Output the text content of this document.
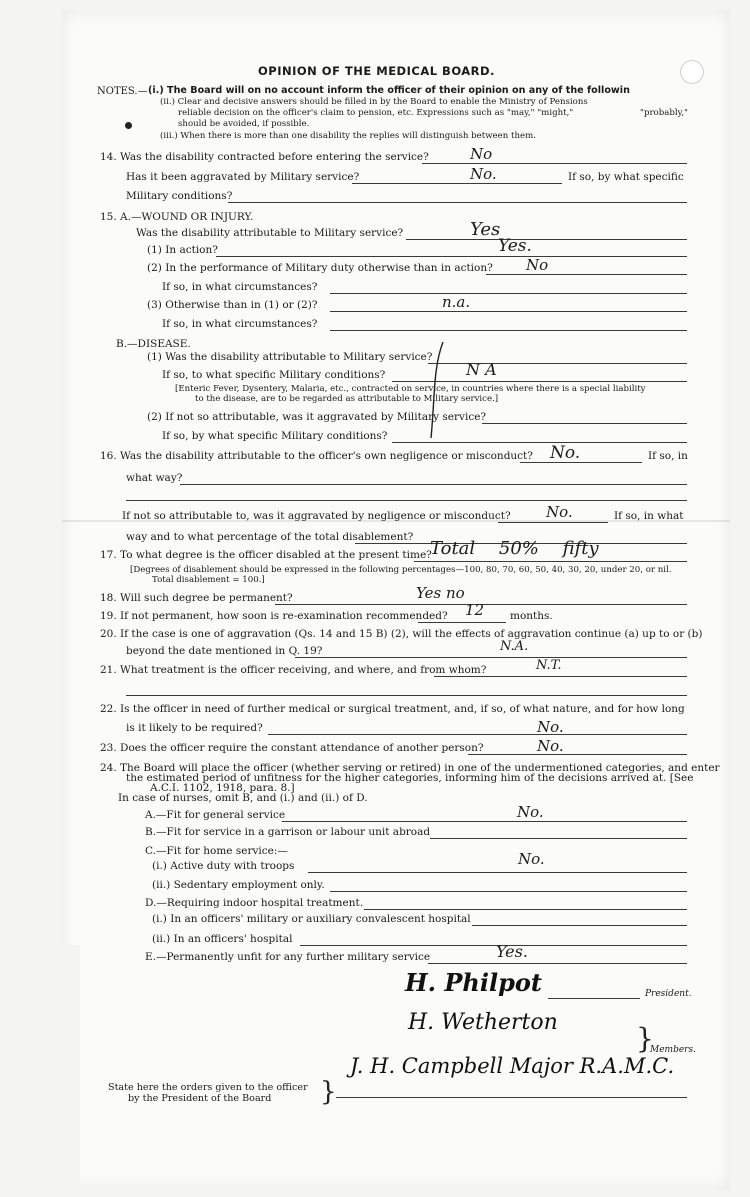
OPINION OF THE MEDICAL BOARD.
NOTES.— (i.) The Board will on no account inform the officer of their opinion on any of the followin
(ii.) Clear and decisive answers should be filled in by the Board to enable the Ministry of Pensions
reliable decision on the officer's claim to pension, etc. Expressions such as "may," "might,"	"probably,"
should be avoided, if possible.
(iii.) When there is more than one disability the replies will distinguish between them.
14. Was the disability contracted before entering the service?	No
Has it been aggravated by Military service?	No.	If so, by what specific
Military conditions?
15. A.—WOUND OR INJURY.
Was the disability attributable to Military service?	Yes
(1) In action?	Yes.
(2) In the performance of Military duty otherwise than in action? No
If so, in what circumstances?
(3) Otherwise than in (1) or (2)?	n.a.
If so, in what circumstances?
B.—DISEASE.
(1) Was the disability attributable to Military service?
If so, to what specific Military conditions?	N A
[Enteric Fever, Dysentery, Malaria, etc., contracted on service, in countries where there is a special liability
to the disease, are to be regarded as attributable to Military service.]
(2) If not so attributable, was it aggravated by Military service?
If so, by what specific Military conditions?
16. Was the disability attributable to the officer's own negligence or misconduct? No.	If so, in
what way?
If not so attributable to, was it aggravated by negligence or misconduct? No.	If so, in what
way and to what percentage of the total disablement?
17. To what degree is the officer disabled at the present time?
Total 50% fifty
[Degrees of disablement should be expressed in the following percentages—100, 80, 70, 60, 50, 40, 30, 20, under 20, or nil.
Total disablement = 100.]
18. Will such degree be permanent?	Yes no
19. If not permanent, how soon is re-examination recommended? 12 months.
20. If the case is one of aggravation (Qs. 14 and 15 B) (2), will the effects of aggravation continue (a) up to or (b)
beyond the date mentioned in Q. 19?	N.A.
21. What treatment is the officer receiving, and where, and from whom?	N.T.
22. Is the officer in need of further medical or surgical treatment, and, if so, of what nature, and for how long
is it likely to be required?	No.
23. Does the officer require the constant attendance of another person?	No.
24. The Board will place the officer (whether serving or retired) in one of the undermentioned categories, and enter
the estimated period of unfitness for the higher categories, informing him of the decisions arrived at. [See
A.C.I. 1102, 1918, para. 8.]
In case of nurses, omit B, and (i.) and (ii.) of D.
A.—Fit for general service	No.
B.—Fit for service in a garrison or labour unit abroad
C.—Fit for home service:—
(i.) Active duty with troops	No.
(ii.) Sedentary employment only.
D.—Requiring indoor hospital treatment.
(i.) In an officers' military or auxiliary convalescent hospital
(ii.) In an officers' hospital
E.—Permanently unfit for any further military service	Yes.
H. Philpot	President.
H. Wetherton	}
Members.
J. H. Campbell Major R.A.M.C.
State here the orders given to the officer
by the President of the Board }
